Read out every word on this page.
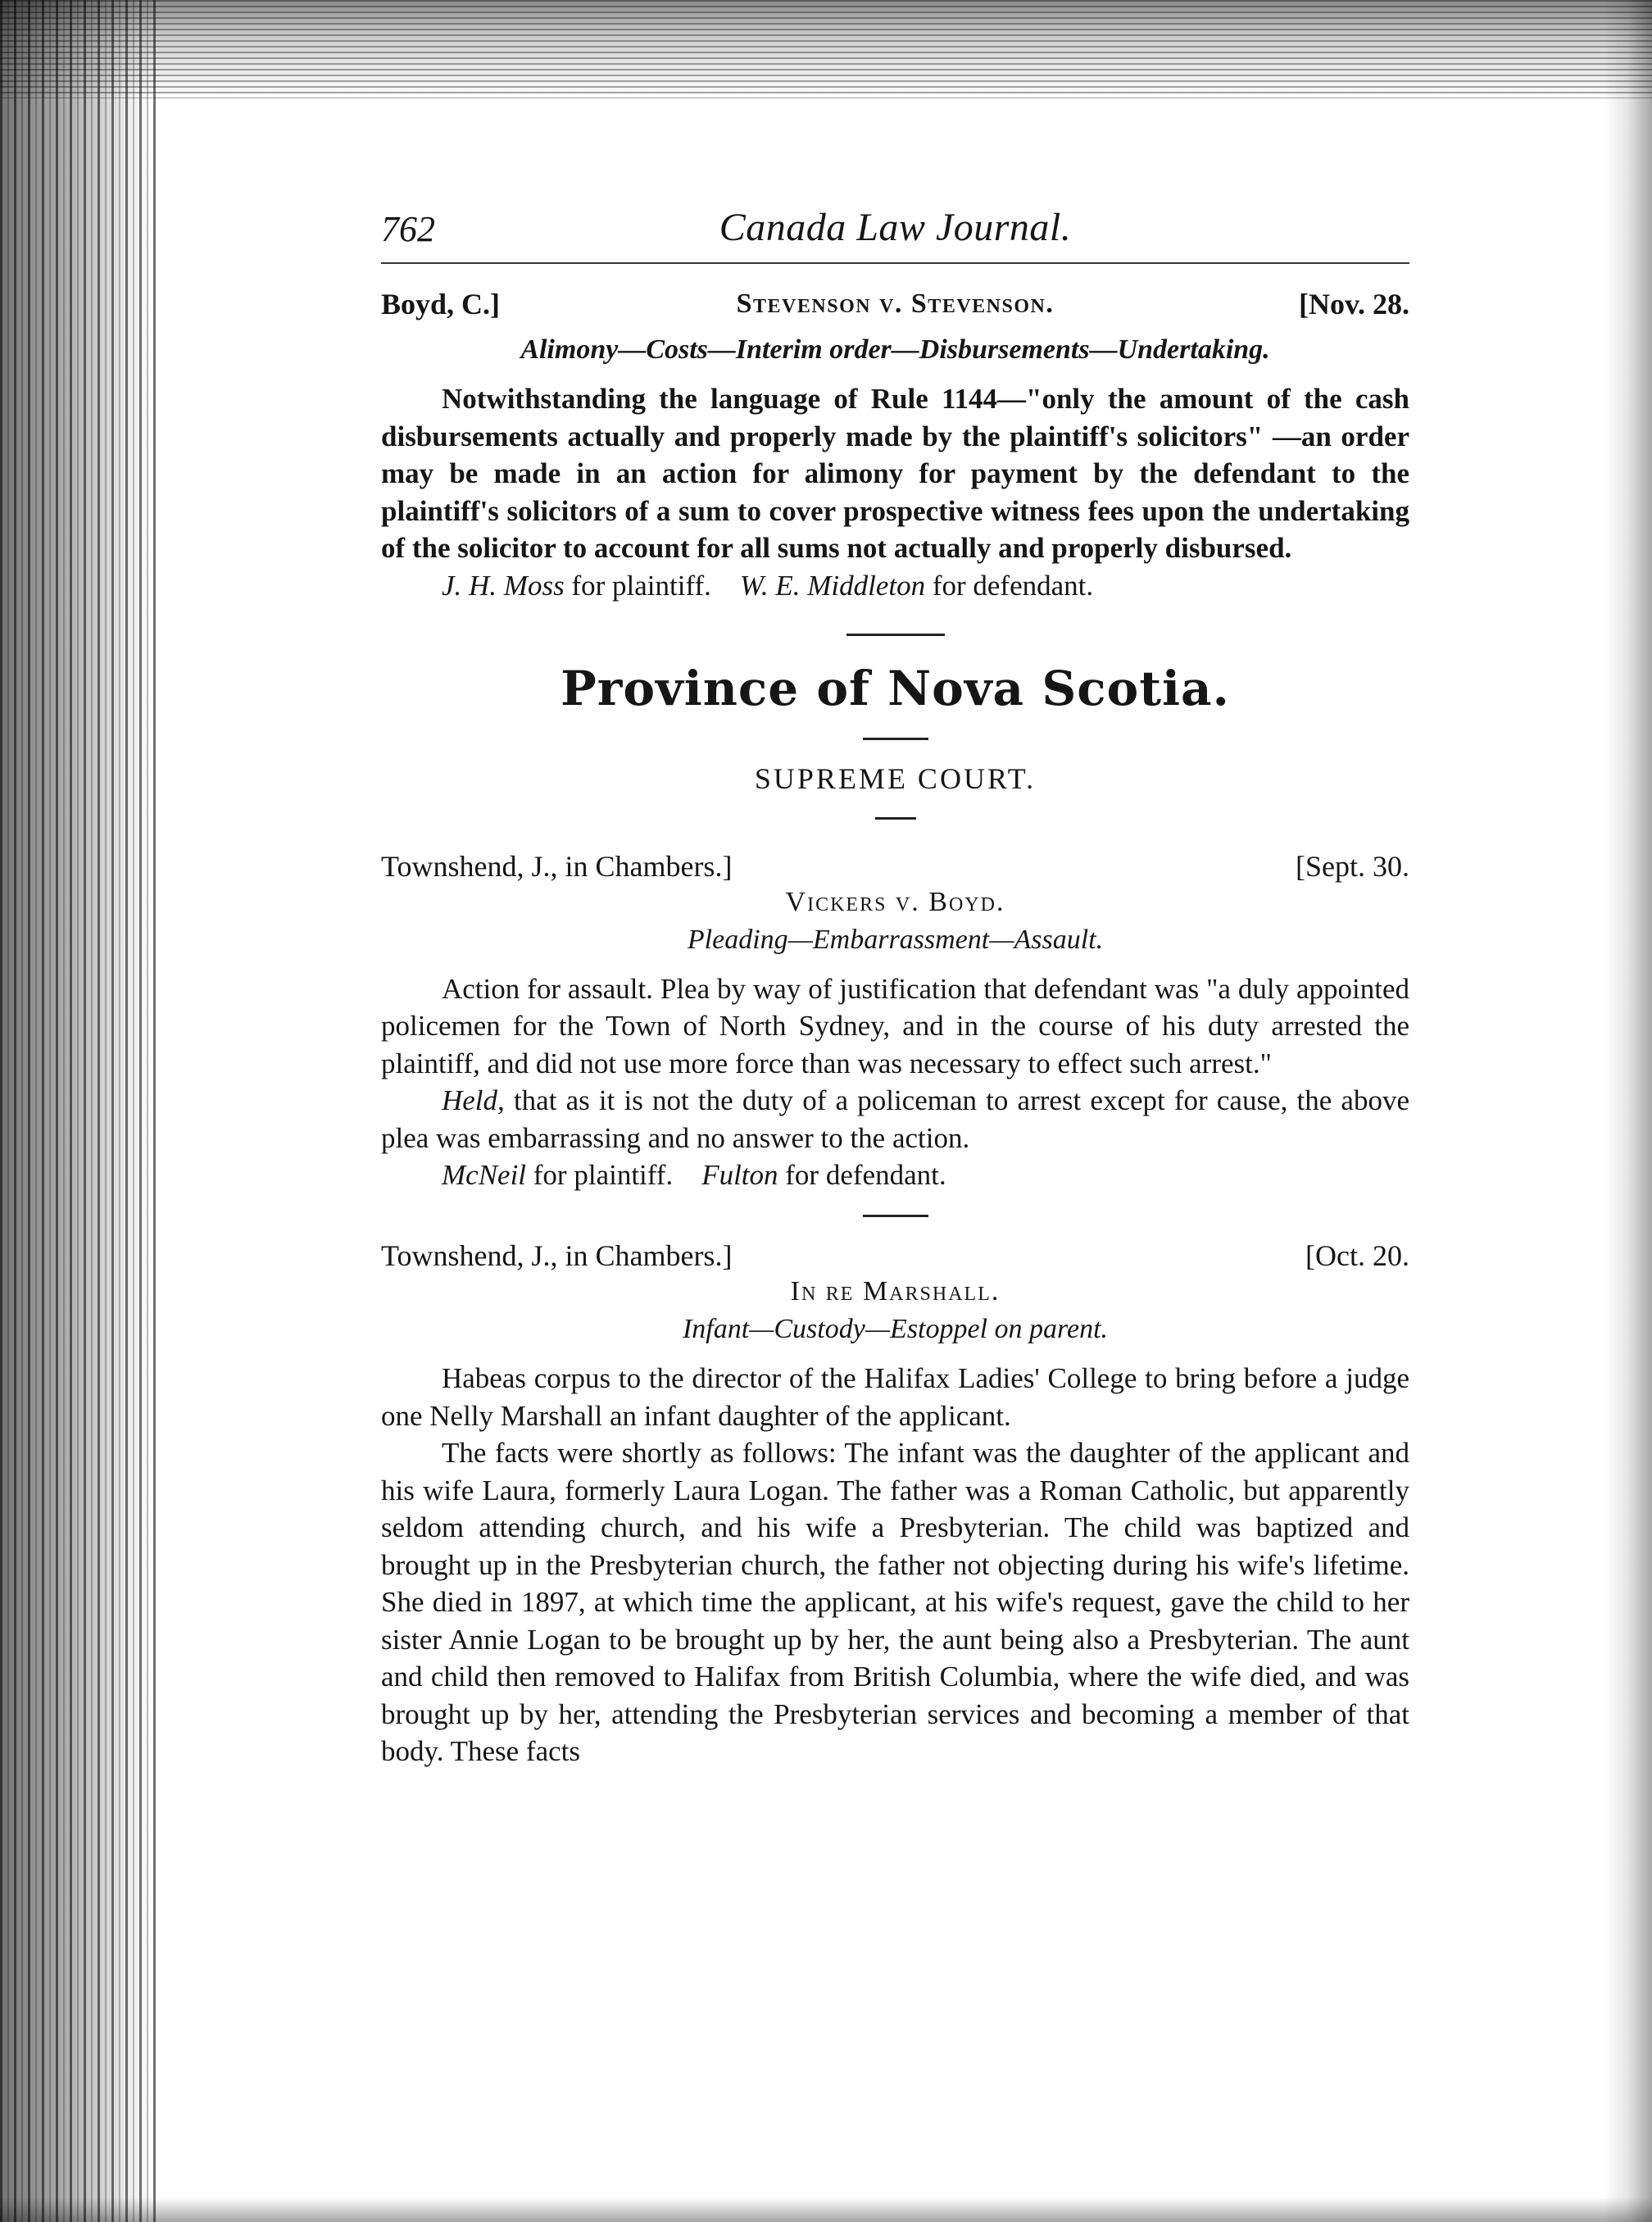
762	Canada Law Journal.
Boyd, C.]	Stevenson v. Stevenson.	[Nov. 28.
Alimony—Costs—Interim order—Disbursements—Undertaking.

Notwithstanding the language of Rule 1144—"only the amount of the cash disbursements actually and properly made by the plaintiff's solicitors" —an order may be made in an action for alimony for payment by the defendant to the plaintiff's solicitors of a sum to cover prospective witness fees upon the undertaking of the solicitor to account for all sums not actually and properly disbursed.

J. H. Moss for plaintiff. W. E. Middleton for defendant.

Province of Nova Scotia.
SUPREME COURT.
Townshend, J., in Chambers.]	[Sept. 30.
Vickers v. Boyd.
Pleading—Embarrassment—Assault.

Action for assault. Plea by way of justification that defendant was "a duly appointed policemen for the Town of North Sydney, and in the course of his duty arrested the plaintiff, and did not use more force than was necessary to effect such arrest."

Held, that as it is not the duty of a policeman to arrest except for cause, the above plea was embarrassing and no answer to the action.

McNeil for plaintiff. Fulton for defendant.

Townshend, J., in Chambers.]	[Oct. 20.
In re Marshall.
Infant—Custody—Estoppel on parent.

Habeas corpus to the director of the Halifax Ladies' College to bring before a judge one Nelly Marshall an infant daughter of the applicant.

The facts were shortly as follows: The infant was the daughter of the applicant and his wife Laura, formerly Laura Logan. The father was a Roman Catholic, but apparently seldom attending church, and his wife a Presbyterian. The child was baptized and brought up in the Presbyterian church, the father not objecting during his wife's lifetime. She died in 1897, at which time the applicant, at his wife's request, gave the child to her sister Annie Logan to be brought up by her, the aunt being also a Presbyterian. The aunt and child then removed to Halifax from British Columbia, where the wife died, and was brought up by her, attending the Presbyterian services and becoming a member of that body. These facts
